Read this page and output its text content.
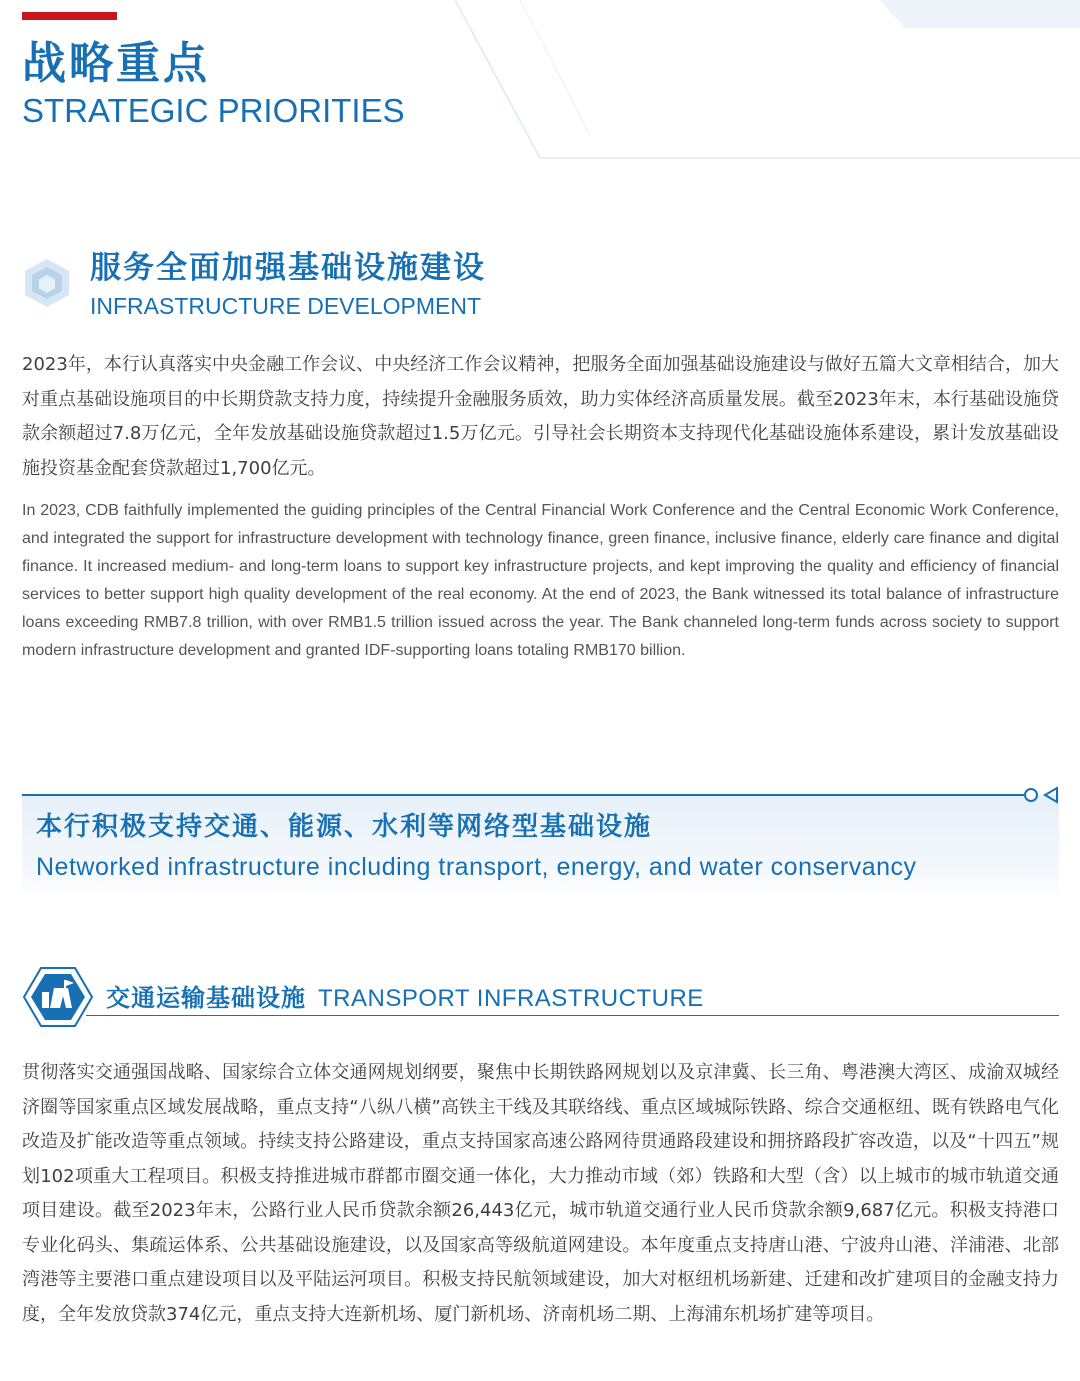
战略重点
STRATEGIC PRIORITIES
服务全面加强基础设施建设
INFRASTRUCTURE DEVELOPMENT
2023年，本行认真落实中央金融工作会议、中央经济工作会议精神，把服务全面加强基础设施建设与做好五篇大文章相结合，加大对重点基础设施项目的中长期贷款支持力度，持续提升金融服务质效，助力实体经济高质量发展。截至2023年末，本行基础设施贷款余额超过7.8万亿元，全年发放基础设施贷款超过1.5万亿元。引导社会长期资本支持现代化基础设施体系建设，累计发放基础设施投资基金配套贷款超过1,700亿元。
In 2023, CDB faithfully implemented the guiding principles of the Central Financial Work Conference and the Central Economic Work Conference, and integrated the support for infrastructure development with technology finance, green finance, inclusive finance, elderly care finance and digital finance. It increased medium- and long-term loans to support key infrastructure projects, and kept improving the quality and efficiency of financial services to better support high quality development of the real economy. At the end of 2023, the Bank witnessed its total balance of infrastructure loans exceeding RMB7.8 trillion, with over RMB1.5 trillion issued across the year. The Bank channeled long-term funds across society to support modern infrastructure development and granted IDF-supporting loans totaling RMB170 billion.
本行积极支持交通、能源、水利等网络型基础设施
Networked infrastructure including transport, energy, and water conservancy
交通运输基础设施 TRANSPORT INFRASTRUCTURE
贯彻落实交通强国战略、国家综合立体交通网规划纲要，聚焦中长期铁路网规划以及京津冀、长三角、粤港澳大湾区、成渝双城经济圈等国家重点区域发展战略，重点支持“八纵八横”高铁主干线及其联络线、重点区域城际铁路、综合交通枢纽、既有铁路电气化改造及扩能改造等重点领域。持续支持公路建设，重点支持国家高速公路网待贯通路段建设和拥挤路段扩容改造，以及“十四五”规划102项重大工程项目。积极支持推进城市群都市圈交通一体化，大力推动市域（郊）铁路和大型（含）以上城市的城市轨道交通项目建设。截至2023年末，公路行业人民币贷款余额26,443亿元，城市轨道交通行业人民币贷款余额9,687亿元。积极支持港口专业化码头、集疏运体系、公共基础设施建设，以及国家高等级航道网建设。本年度重点支持唐山港、宁波舟山港、洋浦港、北部湾港等主要港口重点建设项目以及平陆运河项目。积极支持民航领域建设，加大对枢纽机场新建、迁建和改扩建项目的金融支持力度，全年发放贷款374亿元，重点支持大连新机场、厦门新机场、济南机场二期、上海浦东机场扩建等项目。
